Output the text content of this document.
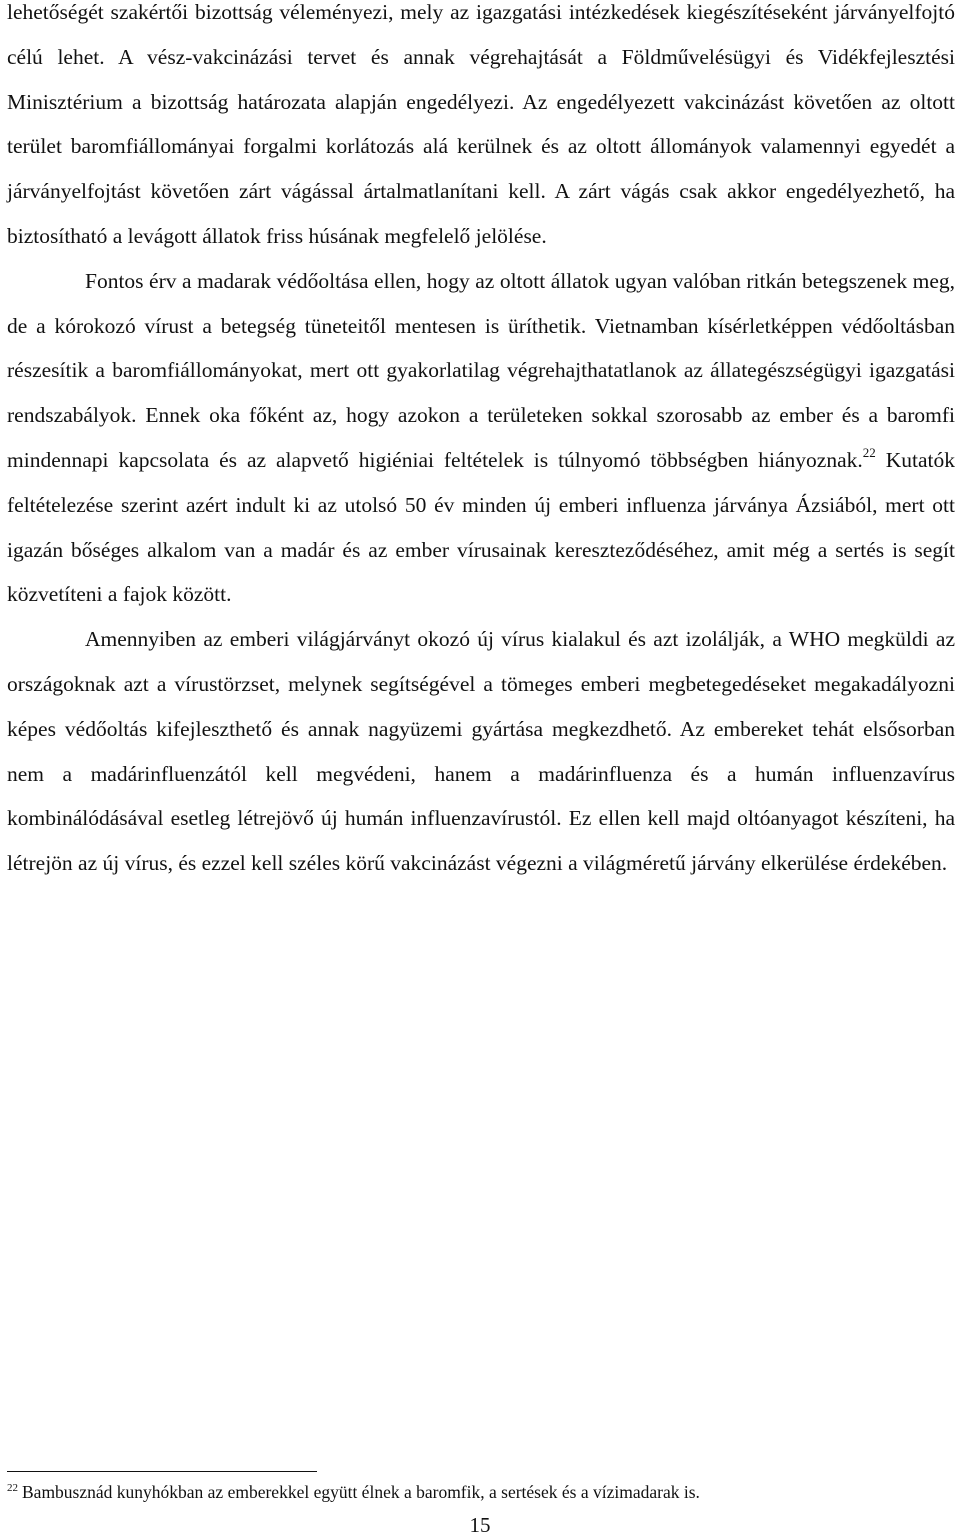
lehetőségét szakértői bizottság véleményezi, mely az igazgatási intézkedések kiegészítéseként járványelfojtó célú lehet. A vész-vakcinázási tervet és annak végrehajtását a Földművelésügyi és Vidékfejlesztési Minisztérium a bizottság határozata alapján engedélyezi. Az engedélyezett vakcinázást követően az oltott terület baromfiállományai forgalmi korlátozás alá kerülnek és az oltott állományok valamennyi egyedét a járványelfojtást követően zárt vágással ártalmatlanítani kell. A zárt vágás csak akkor engedélyezhető, ha biztosítható a levágott állatok friss húsának megfelelő jelölése.

Fontos érv a madarak védőoltása ellen, hogy az oltott állatok ugyan valóban ritkán betegszenek meg, de a kórokozó vírust a betegség tüneteitől mentesen is üríthetik. Vietnamban kísérletképpen védőoltásban részesítik a baromfiállományokat, mert ott gyakorlatilag végrehajthatatlanok az állategészségügyi igazgatási rendszabályok. Ennek oka főként az, hogy azokon a területeken sokkal szorosabb az ember és a baromfi mindennapi kapcsolata és az alapvető higiéniai feltételek is túlnyomó többségben hiányoznak.$^{22}$ Kutatók feltételezése szerint azért indult ki az utolsó 50 év minden új emberi influenza járványa Ázsiából, mert ott igazán bőséges alkalom van a madár és az ember vírusainak kereszteződéséhez, amit még a sertés is segít közvetíteni a fajok között.

Amennyiben az emberi világjárványt okozó új vírus kialakul és azt izolálják, a WHO megküldi az országoknak azt a vírustörzset, melynek segítségével a tömeges emberi megbetegedéseket megakadályozni képes védőoltás kifejleszthető és annak nagyüzemi gyártása megkezdhető. Az embereket tehát elsősorban nem a madárinfluenzától kell megvédeni, hanem a madárinfluenza és a humán influenzavírus kombinálódásával esetleg létrejövő új humán influenzavírustól. Ez ellen kell majd oltóanyagot készíteni, ha létrejön az új vírus, és ezzel kell széles körű vakcinázást végezni a világméretű járvány elkerülése érdekében.

$^{22}$ Bambusznád kunyhókban az emberekkel együtt élnek a baromfik, a sertések és a vízimadarak is.
15
